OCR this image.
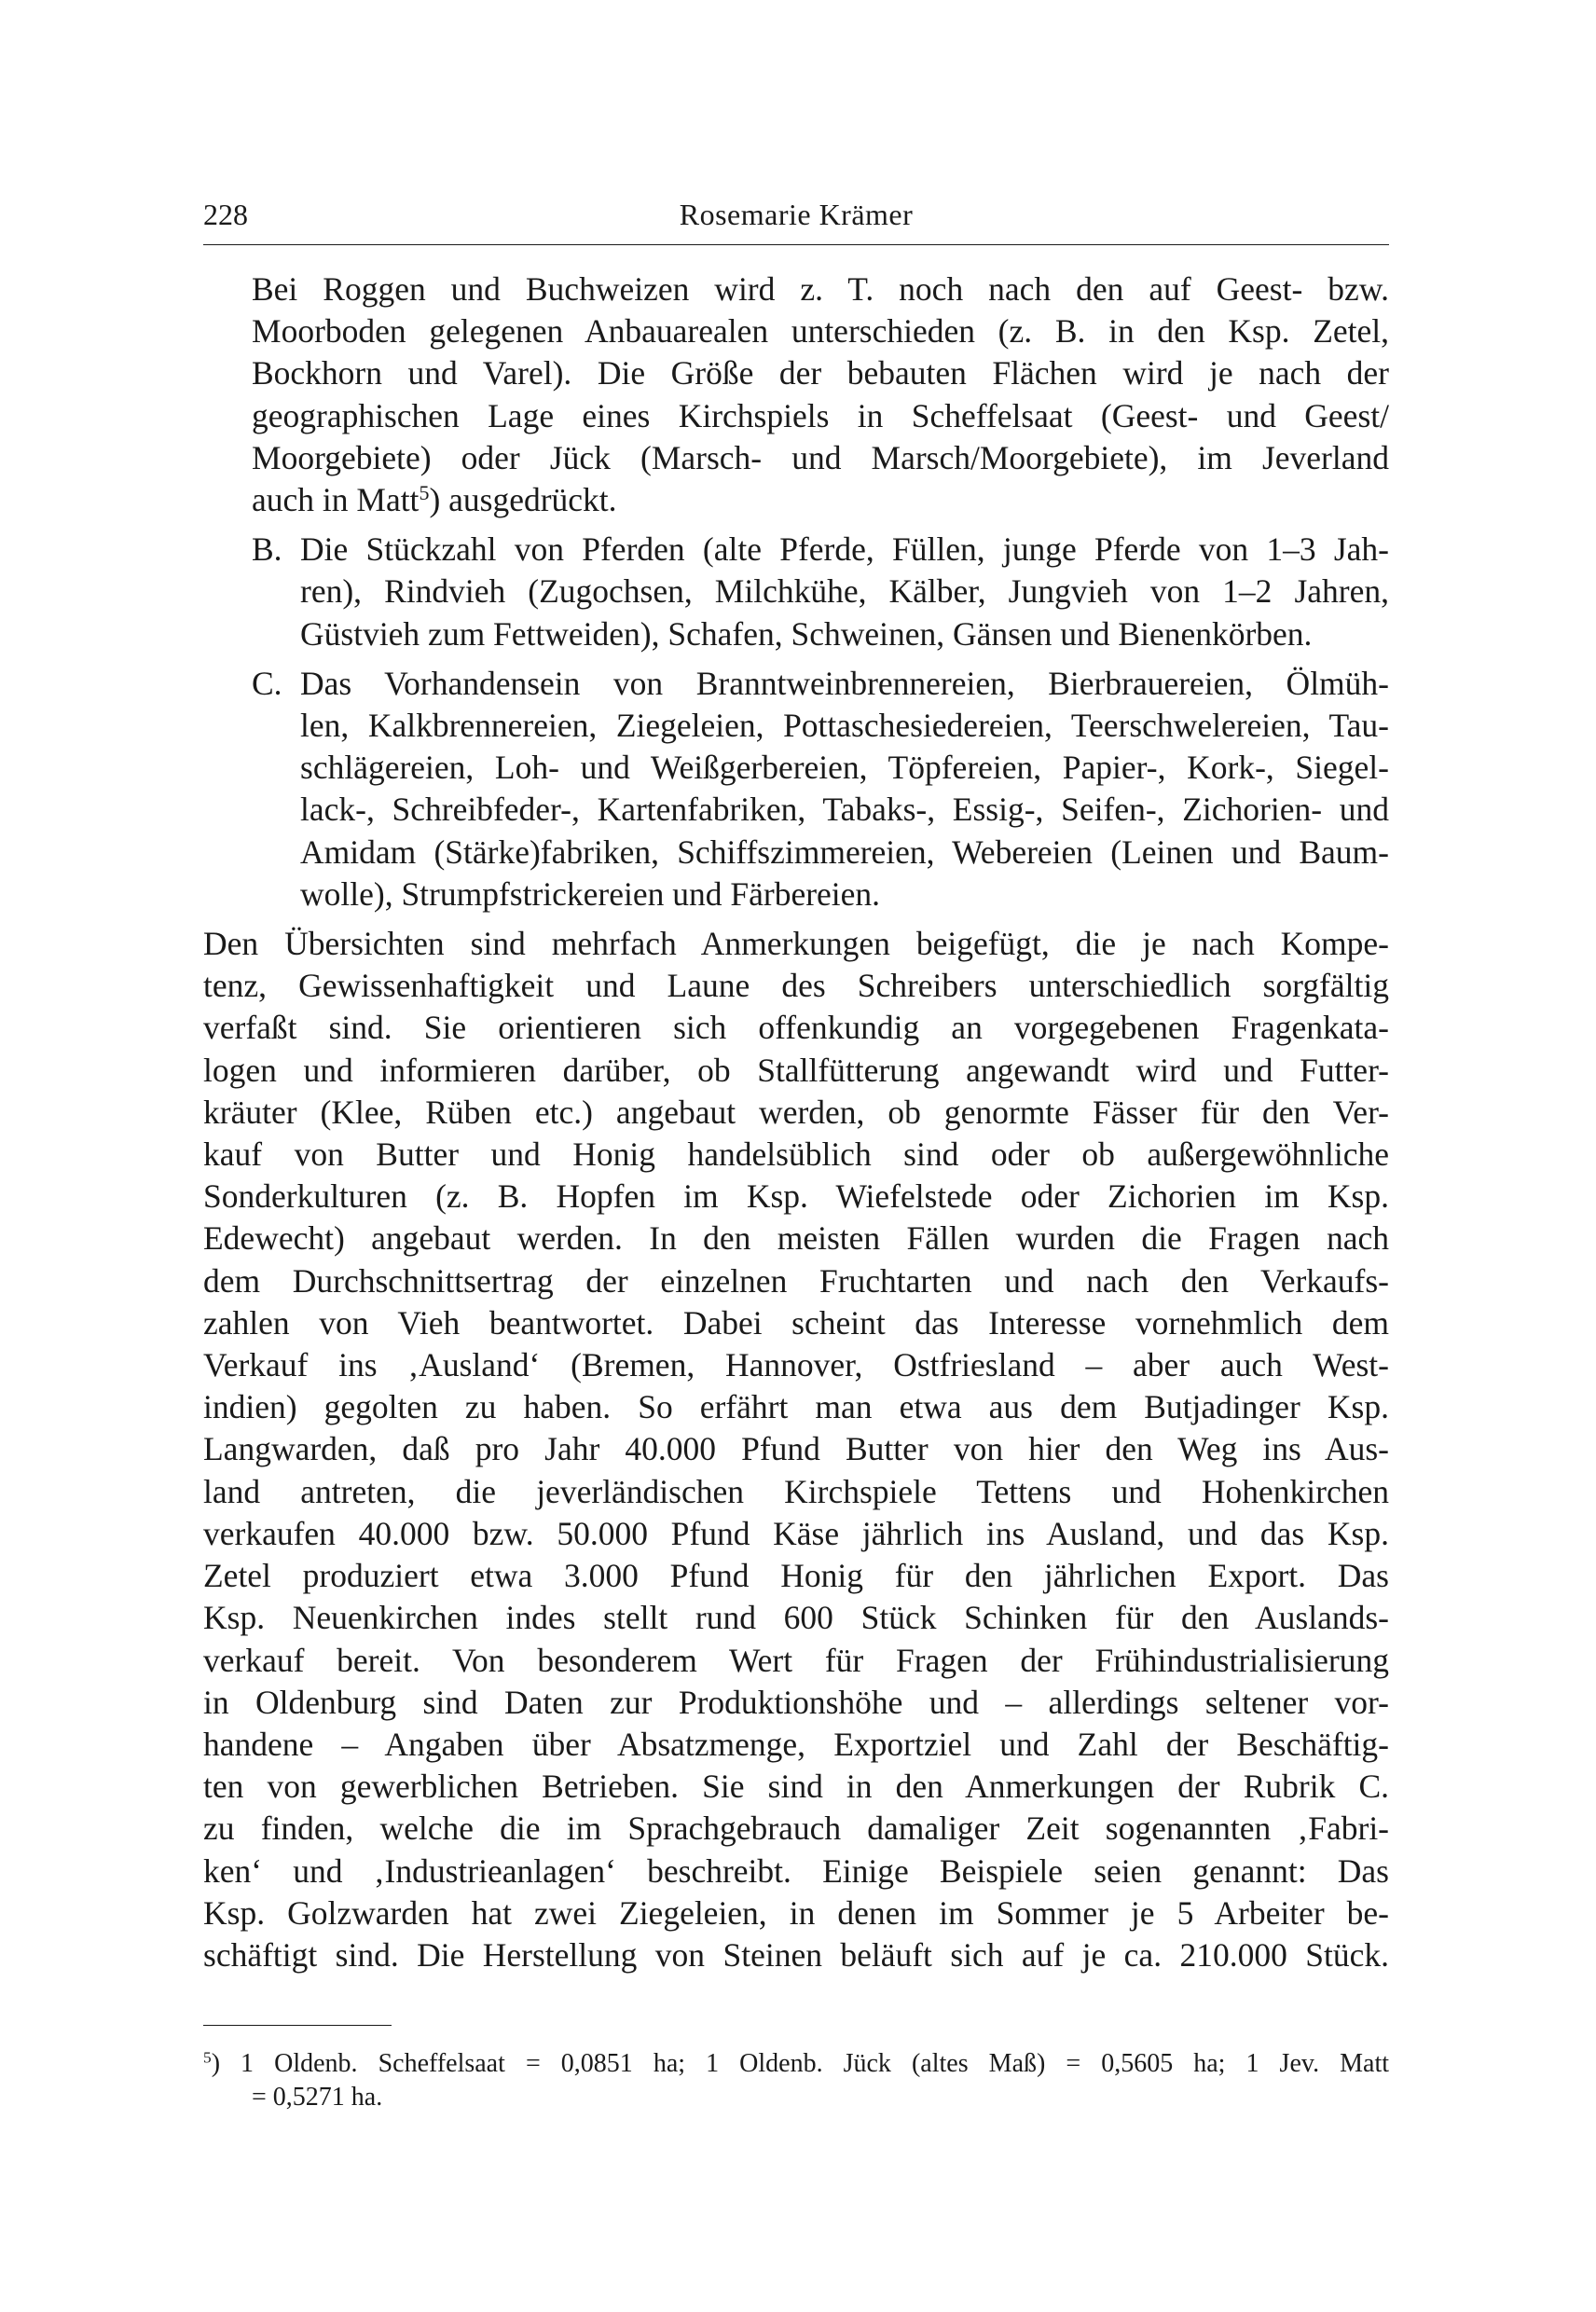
228	Rosemarie Krämer
Bei Roggen und Buchweizen wird z. T. noch nach den auf Geest- bzw.
Moorboden gelegenen Anbauarealen unterschieden (z. B. in den Ksp. Zetel,
Bockhorn und Varel). Die Größe der bebauten Flächen wird je nach der
geographischen Lage eines Kirchspiels in Scheffelsaat (Geest- und Geest/
Moorgebiete) oder Jück (Marsch- und Marsch/Moorgebiete), im Jeverland
auch in Matt$^5$) ausgedrückt.
B. Die Stückzahl von Pferden (alte Pferde, Füllen, junge Pferde von 1–3 Jah-
ren), Rindvieh (Zugochsen, Milchkühe, Kälber, Jungvieh von 1–2 Jahren,
Güstvieh zum Fettweiden), Schafen, Schweinen, Gänsen und Bienenkörben.
C. Das Vorhandensein von Branntweinbrennereien, Bierbrauereien, Ölmüh-
len, Kalkbrennereien, Ziegeleien, Pottaschesiedereien, Teerschwelereien, Tau-
schlägereien, Loh- und Weißgerbereien, Töpfereien, Papier-, Kork-, Siegel-
lack-, Schreibfeder-, Kartenfabriken, Tabaks-, Essig-, Seifen-, Zichorien- und
Amidam (Stärke)fabriken, Schiffszimmereien, Webereien (Leinen und Baum-
wolle), Strumpfstrickereien und Färbereien.
Den Übersichten sind mehrfach Anmerkungen beigefügt, die je nach Kompe-
tenz, Gewissenhaftigkeit und Laune des Schreibers unterschiedlich sorgfältig
verfaßt sind. Sie orientieren sich offenkundig an vorgegebenen Fragenkata-
logen und informieren darüber, ob Stallfütterung angewandt wird und Futter-
kräuter (Klee, Rüben etc.) angebaut werden, ob genormte Fässer für den Ver-
kauf von Butter und Honig handelsüblich sind oder ob außergewöhnliche
Sonderkulturen (z. B. Hopfen im Ksp. Wiefelstede oder Zichorien im Ksp.
Edewecht) angebaut werden. In den meisten Fällen wurden die Fragen nach
dem Durchschnittsertrag der einzelnen Fruchtarten und nach den Verkaufs-
zahlen von Vieh beantwortet. Dabei scheint das Interesse vornehmlich dem
Verkauf ins ‚Ausland‘ (Bremen, Hannover, Ostfriesland – aber auch West-
indien) gegolten zu haben. So erfährt man etwa aus dem Butjadinger Ksp.
Langwarden, daß pro Jahr 40.000 Pfund Butter von hier den Weg ins Aus-
land antreten, die jeverländischen Kirchspiele Tettens und Hohenkirchen
verkaufen 40.000 bzw. 50.000 Pfund Käse jährlich ins Ausland, und das Ksp.
Zetel produziert etwa 3.000 Pfund Honig für den jährlichen Export. Das
Ksp. Neuenkirchen indes stellt rund 600 Stück Schinken für den Auslands-
verkauf bereit. Von besonderem Wert für Fragen der Frühindustrialisierung
in Oldenburg sind Daten zur Produktionshöhe und – allerdings seltener vor-
handene – Angaben über Absatzmenge, Exportziel und Zahl der Beschäftig-
ten von gewerblichen Betrieben. Sie sind in den Anmerkungen der Rubrik C.
zu finden, welche die im Sprachgebrauch damaliger Zeit sogenannten ‚Fabri-
ken‘ und ‚Industrieanlagen‘ beschreibt. Einige Beispiele seien genannt: Das
Ksp. Golzwarden hat zwei Ziegeleien, in denen im Sommer je 5 Arbeiter be-
schäftigt sind. Die Herstellung von Steinen beläuft sich auf je ca. 210.000 Stück.
$^5$) 1 Oldenb. Scheffelsaat = 0,0851 ha; 1 Oldenb. Jück (altes Maß) = 0,5605 ha; 1 Jev. Matt
= 0,5271 ha.
